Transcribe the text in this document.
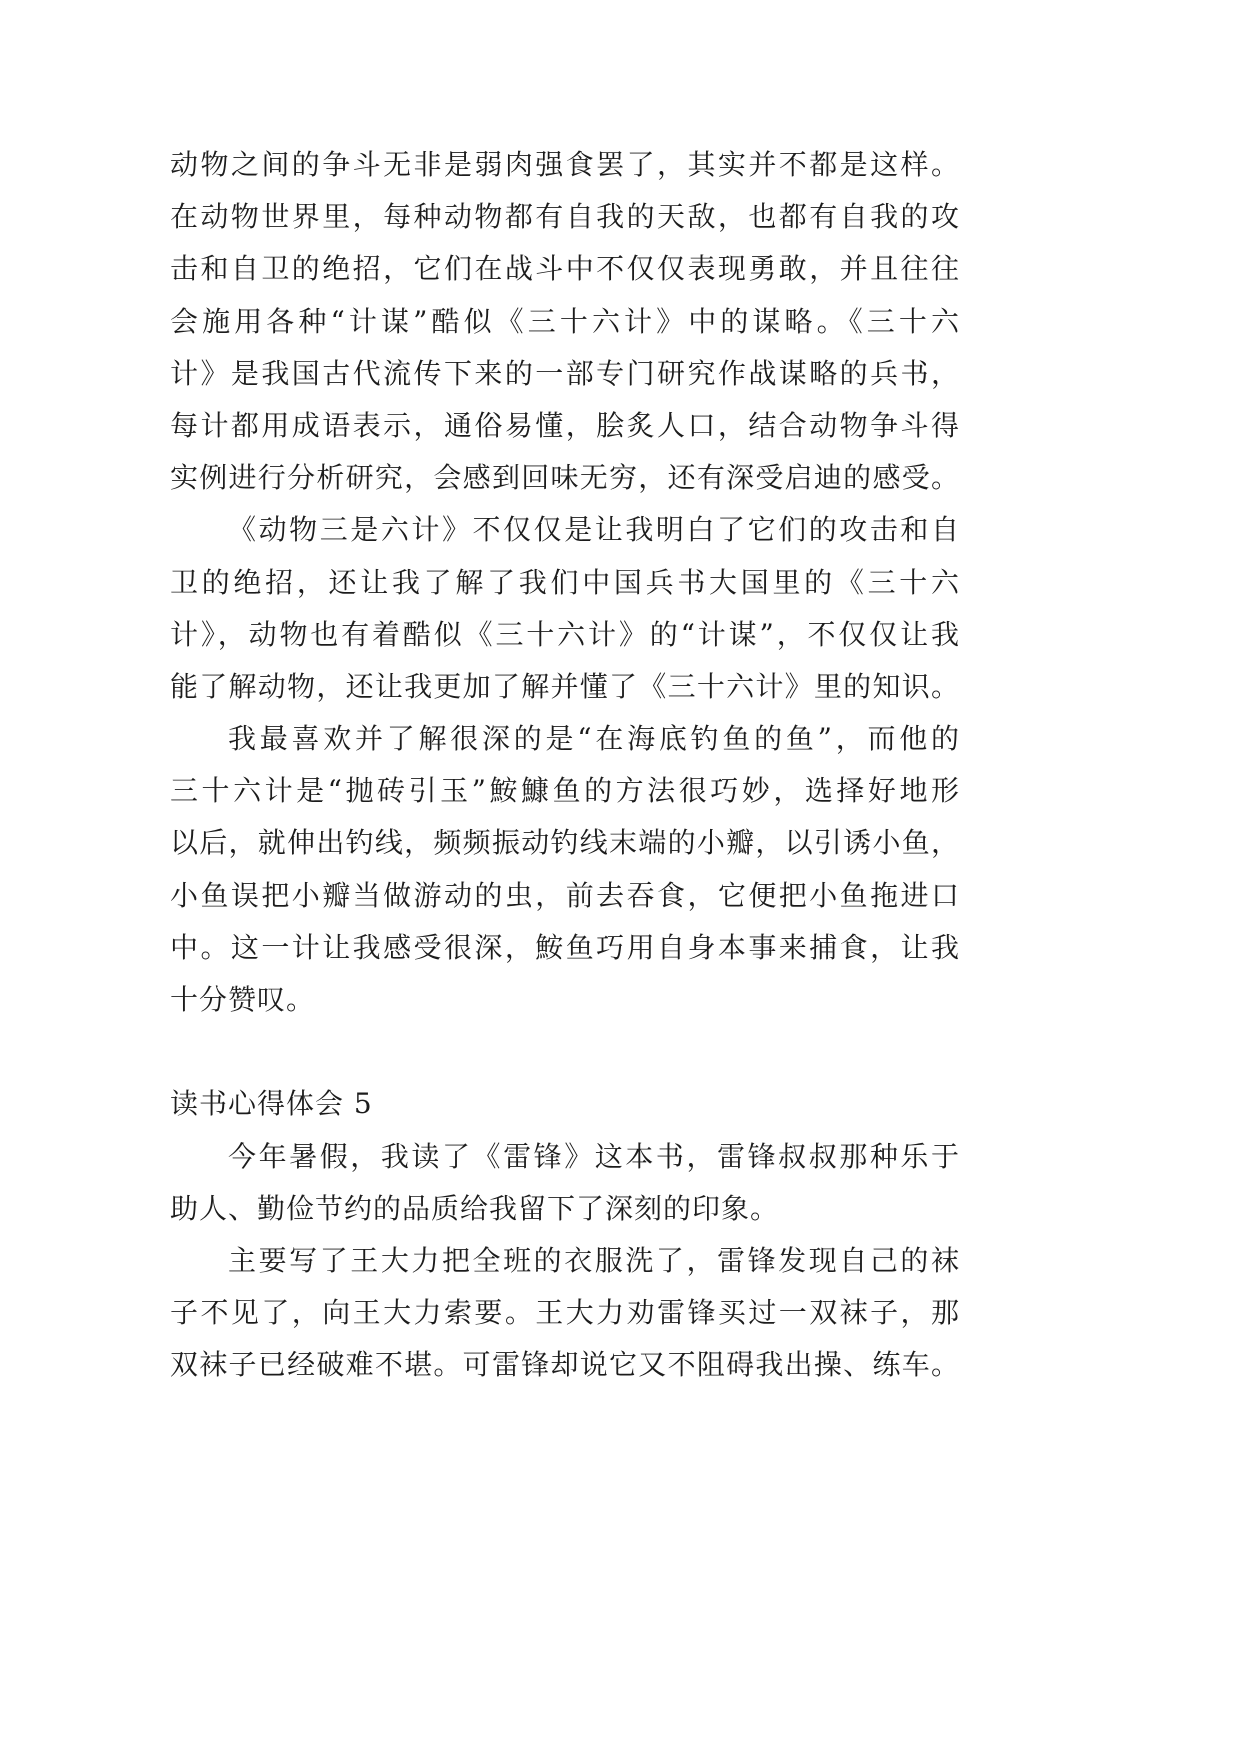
动物之间的争斗无非是弱肉强食罢了，其实并不都是这样。
在动物世界里，每种动物都有自我的天敌，也都有自我的攻
击和自卫的绝招，它们在战斗中不仅仅表现勇敢，并且往往
会施用各种“计谋”酷似《三十六计》中的谋略。《三十六
计》是我国古代流传下来的一部专门研究作战谋略的兵书，
每计都用成语表示，通俗易懂，脍炙人口，结合动物争斗得
实例进行分析研究，会感到回味无穷，还有深受启迪的感受。
《动物三是六计》不仅仅是让我明白了它们的攻击和自
卫的绝招，还让我了解了我们中国兵书大国里的《三十六
计》，动物也有着酷似《三十六计》的“计谋”，不仅仅让我
能了解动物，还让我更加了解并懂了《三十六计》里的知识。
我最喜欢并了解很深的是“在海底钓鱼的鱼”，而他的
三十六计是“抛砖引玉”鮟鱇鱼的方法很巧妙，选择好地形
以后，就伸出钓线，频频振动钓线末端的小瓣，以引诱小鱼，
小鱼误把小瓣当做游动的虫，前去吞食，它便把小鱼拖进口
中。这一计让我感受很深，鮟鱼巧用自身本事来捕食，让我
十分赞叹。
读书心得体会 5
今年暑假，我读了《雷锋》这本书，雷锋叔叔那种乐于
助人、勤俭节约的品质给我留下了深刻的印象。
主要写了王大力把全班的衣服洗了，雷锋发现自己的袜
子不见了，向王大力索要。王大力劝雷锋买过一双袜子，那
双袜子已经破难不堪。可雷锋却说它又不阻碍我出操、练车。
